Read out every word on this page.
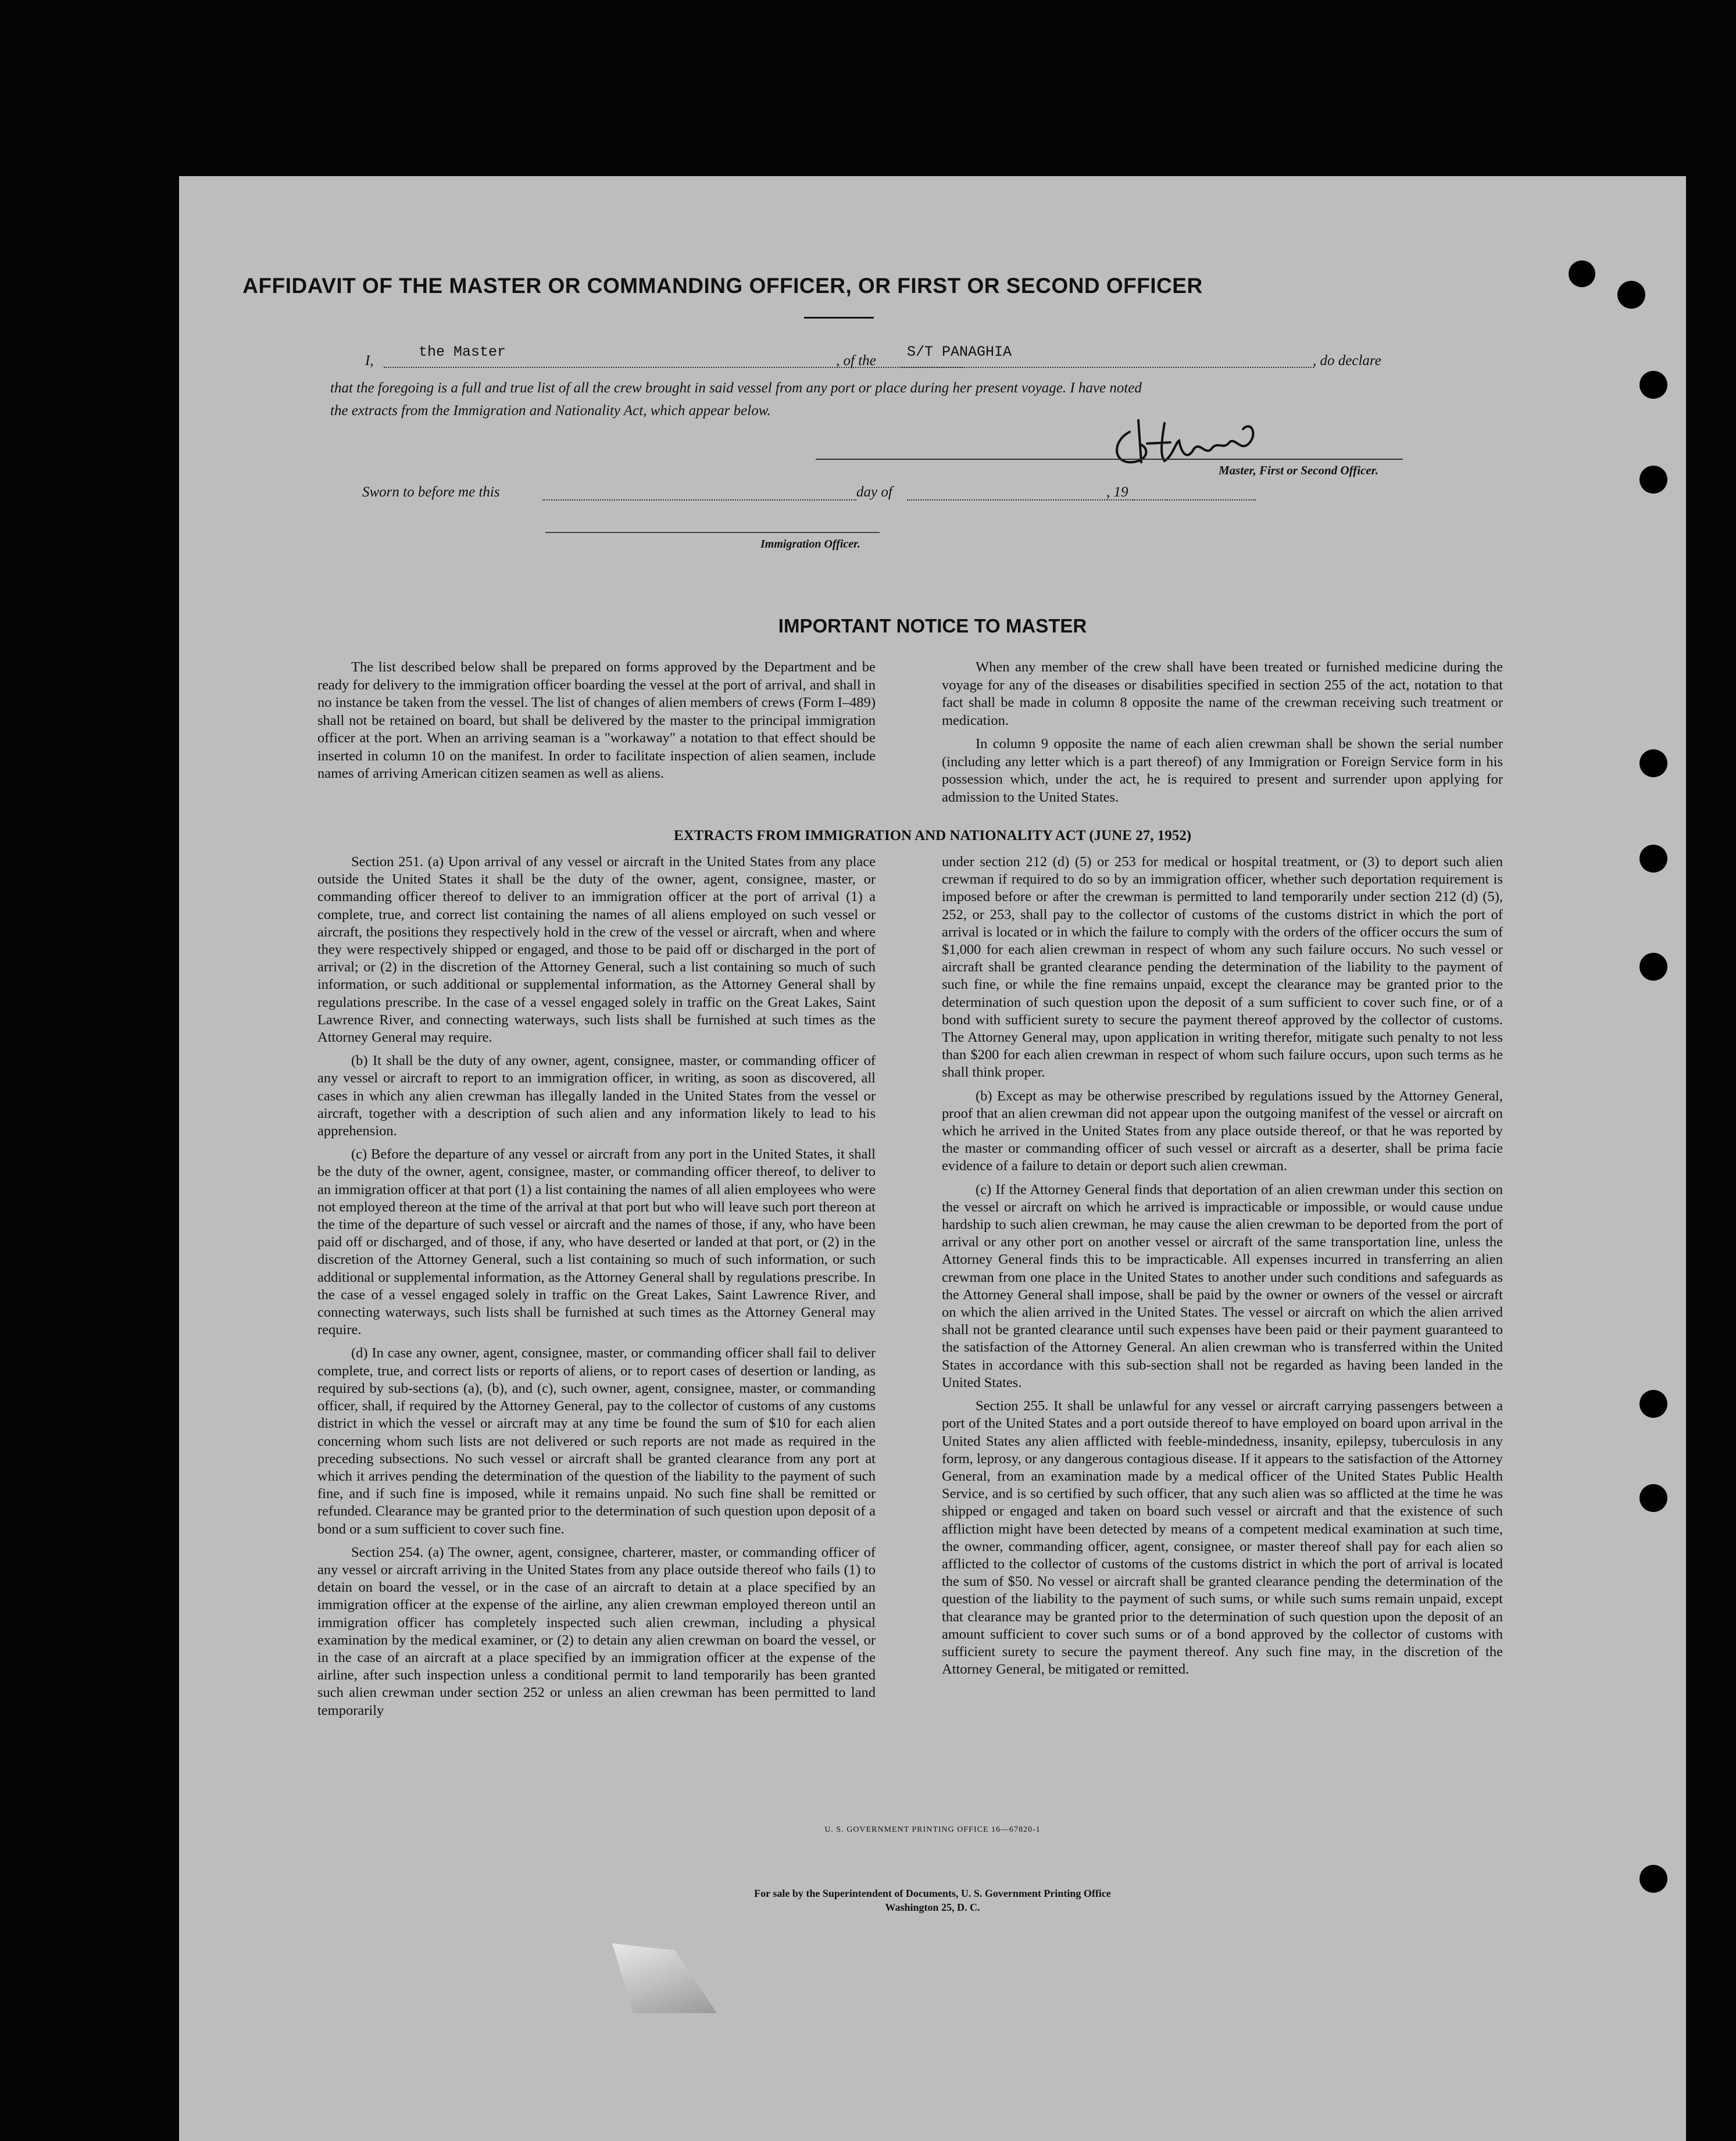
AFFIDAVIT OF THE MASTER OR COMMANDING OFFICER, OR FIRST OR SECOND OFFICER
I,
the Master
, of the
S/T PANAGHIA
, do declare
that the foregoing is a full and true list of all the crew brought in said vessel from any port or place during her present voyage. I have noted
the extracts from the Immigration and Nationality Act, which appear below.
Master, First or Second Officer.
Sworn to before me this	day of	, 19
Immigration Officer.
IMPORTANT NOTICE TO MASTER

The list described below shall be prepared on forms approved by the Department and be ready for delivery to the immigration officer boarding the vessel at the port of arrival, and shall in no instance be taken from the vessel. The list of changes of alien members of crews (Form I–489) shall not be retained on board, but shall be delivered by the master to the principal immigration officer at the port. When an arriving seaman is a "workaway" a notation to that effect should be inserted in column 10 on the manifest. In order to facilitate inspection of alien seamen, include names of arriving American citizen seamen as well as aliens.

When any member of the crew shall have been treated or furnished medicine during the voyage for any of the diseases or disabilities specified in section 255 of the act, notation to that fact shall be made in column 8 opposite the name of the crewman receiving such treatment or medication.

In column 9 opposite the name of each alien crewman shall be shown the serial number (including any letter which is a part thereof) of any Immigration or Foreign Service form in his possession which, under the act, he is required to present and surrender upon applying for admission to the United States.

EXTRACTS FROM IMMIGRATION AND NATIONALITY ACT (JUNE 27, 1952)

Section 251. (a) Upon arrival of any vessel or aircraft in the United States from any place outside the United States it shall be the duty of the owner, agent, consignee, master, or commanding officer thereof to deliver to an immigration officer at the port of arrival (1) a complete, true, and correct list containing the names of all aliens employed on such vessel or aircraft, the positions they respectively hold in the crew of the vessel or aircraft, when and where they were respectively shipped or engaged, and those to be paid off or discharged in the port of arrival; or (2) in the discretion of the Attorney General, such a list containing so much of such information, or such additional or supplemental information, as the Attorney General shall by regulations prescribe. In the case of a vessel engaged solely in traffic on the Great Lakes, Saint Lawrence River, and connecting waterways, such lists shall be furnished at such times as the Attorney General may require.

(b) It shall be the duty of any owner, agent, consignee, master, or commanding officer of any vessel or aircraft to report to an immigration officer, in writing, as soon as discovered, all cases in which any alien crewman has illegally landed in the United States from the vessel or aircraft, together with a description of such alien and any information likely to lead to his apprehension.

(c) Before the departure of any vessel or aircraft from any port in the United States, it shall be the duty of the owner, agent, consignee, master, or commanding officer thereof, to deliver to an immigration officer at that port (1) a list containing the names of all alien employees who were not employed thereon at the time of the arrival at that port but who will leave such port thereon at the time of the departure of such vessel or aircraft and the names of those, if any, who have been paid off or discharged, and of those, if any, who have deserted or landed at that port, or (2) in the discretion of the Attorney General, such a list containing so much of such information, or such additional or supplemental information, as the Attorney General shall by regulations prescribe. In the case of a vessel engaged solely in traffic on the Great Lakes, Saint Lawrence River, and connecting waterways, such lists shall be furnished at such times as the Attorney General may require.

(d) In case any owner, agent, consignee, master, or commanding officer shall fail to deliver complete, true, and correct lists or reports of aliens, or to report cases of desertion or landing, as required by sub-sections (a), (b), and (c), such owner, agent, consignee, master, or commanding officer, shall, if required by the Attorney General, pay to the collector of customs of any customs district in which the vessel or aircraft may at any time be found the sum of $10 for each alien concerning whom such lists are not delivered or such reports are not made as required in the preceding subsections. No such vessel or aircraft shall be granted clearance from any port at which it arrives pending the determination of the question of the liability to the payment of such fine, and if such fine is imposed, while it remains unpaid. No such fine shall be remitted or refunded. Clearance may be granted prior to the determination of such question upon deposit of a bond or a sum sufficient to cover such fine.

Section 254. (a) The owner, agent, consignee, charterer, master, or commanding officer of any vessel or aircraft arriving in the United States from any place outside thereof who fails (1) to detain on board the vessel, or in the case of an aircraft to detain at a place specified by an immigration officer at the expense of the airline, any alien crewman employed thereon until an immigration officer has completely inspected such alien crewman, including a physical examination by the medical examiner, or (2) to detain any alien crewman on board the vessel, or in the case of an aircraft at a place specified by an immigration officer at the expense of the airline, after such inspection unless a conditional permit to land temporarily has been granted such alien crewman under section 252 or unless an alien crewman has been permitted to land temporarily

under section 212 (d) (5) or 253 for medical or hospital treatment, or (3) to deport such alien crewman if required to do so by an immigration officer, whether such deportation requirement is imposed before or after the crewman is permitted to land temporarily under section 212 (d) (5), 252, or 253, shall pay to the collector of customs of the customs district in which the port of arrival is located or in which the failure to comply with the orders of the officer occurs the sum of $1,000 for each alien crewman in respect of whom any such failure occurs. No such vessel or aircraft shall be granted clearance pending the determination of the liability to the payment of such fine, or while the fine remains unpaid, except the clearance may be granted prior to the determination of such question upon the deposit of a sum sufficient to cover such fine, or of a bond with sufficient surety to secure the payment thereof approved by the collector of customs. The Attorney General may, upon application in writing therefor, mitigate such penalty to not less than $200 for each alien crewman in respect of whom such failure occurs, upon such terms as he shall think proper.

(b) Except as may be otherwise prescribed by regulations issued by the Attorney General, proof that an alien crewman did not appear upon the outgoing manifest of the vessel or aircraft on which he arrived in the United States from any place outside thereof, or that he was reported by the master or commanding officer of such vessel or aircraft as a deserter, shall be prima facie evidence of a failure to detain or deport such alien crewman.

(c) If the Attorney General finds that deportation of an alien crewman under this section on the vessel or aircraft on which he arrived is impracticable or impossible, or would cause undue hardship to such alien crewman, he may cause the alien crewman to be deported from the port of arrival or any other port on another vessel or aircraft of the same transportation line, unless the Attorney General finds this to be impracticable. All expenses incurred in transferring an alien crewman from one place in the United States to another under such conditions and safeguards as the Attorney General shall impose, shall be paid by the owner or owners of the vessel or aircraft on which the alien arrived in the United States. The vessel or aircraft on which the alien arrived shall not be granted clearance until such expenses have been paid or their payment guaranteed to the satisfaction of the Attorney General. An alien crewman who is transferred within the United States in accordance with this sub-section shall not be regarded as having been landed in the United States.

Section 255. It shall be unlawful for any vessel or aircraft carrying passengers between a port of the United States and a port outside thereof to have employed on board upon arrival in the United States any alien afflicted with feeble-mindedness, insanity, epilepsy, tuberculosis in any form, leprosy, or any dangerous contagious disease. If it appears to the satisfaction of the Attorney General, from an examination made by a medical officer of the United States Public Health Service, and is so certified by such officer, that any such alien was so afflicted at the time he was shipped or engaged and taken on board such vessel or aircraft and that the existence of such affliction might have been detected by means of a competent medical examination at such time, the owner, commanding officer, agent, consignee, or master thereof shall pay for each alien so afflicted to the collector of customs of the customs district in which the port of arrival is located the sum of $50. No vessel or aircraft shall be granted clearance pending the determination of the question of the liability to the payment of such sums, or while such sums remain unpaid, except that clearance may be granted prior to the determination of such question upon the deposit of an amount sufficient to cover such sums or of a bond approved by the collector of customs with sufficient surety to secure the payment thereof. Any such fine may, in the discretion of the Attorney General, be mitigated or remitted.

U. S. GOVERNMENT PRINTING OFFICE 16—67820-1
For sale by the Superintendent of Documents, U. S. Government Printing Office
Washington 25, D. C.
